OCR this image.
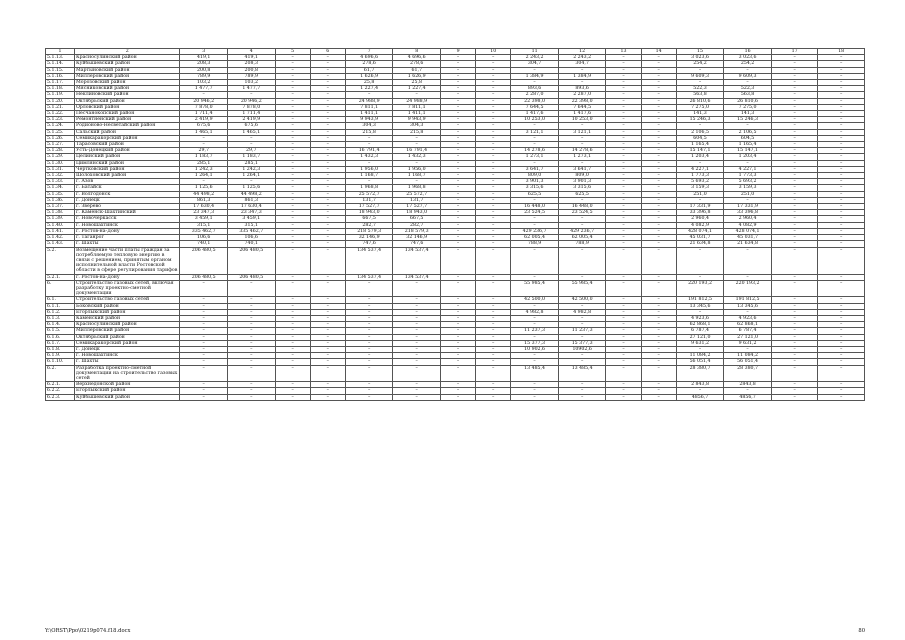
1	2	3	4	5	6	7	8	9	10	11	12	13	14	15	16	17	18
5.1.13.	Красносулинский район	419,1	419,1	–	–	4 696,6	4 696,6	–	–	2 243,2	2 243,2	–	–	3 023,6	3 023,6	–	–
5.1.14.	Куйбышевский район	208,3	208,3	–	–	278,6	278,6	–	–	304,7	304,7	–	–	254,2	254,2	–	–
5.1.15.	Мартыновский район	200,8	200,8	–	–	61,7	61,7	–	–	–	–	–	–	–	–	–	–
5.1.16.	Миллеровский район	789,9	789,9	–	–	1 626,9	1 626,9	–	–	1 384,9	1 384,9	–	–	9 609,3	9 609,3	–	–
5.1.17.	Морозовский район	103,2	103,2	–	–	25,8	25,8	–	–	–	–	–	–	–	–	–	–
5.1.18.	Мясниковский район	1 477,7	1 477,7	–	–	1 227,4	1 227,4	–	–	893,6	893,6	–	–	522,3	522,3	–	–
5.1.19.	Неклиновский район	–	–	–	–	–	–	–	–	2 287,0	2 287,0	–	–	563,8	563,8	–	–
5.1.20.	Октябрьский район	20 946,2	20 946,2	–	–	24 988,9	24 988,9	–	–	22 398,0	22 398,0	–	–	26 810,6	26 810,6	–	–
5.1.21.	Орловский район	7 878,0	7 878,0	–	–	7 811,1	7 811,1	–	–	7 644,5	7 644,5	–	–	7 275,0	7 275,0	–	–
5.1.22.	Песчанокопский район	1 711,4	1 711,4	–	–	1 411,1	1 411,1	–	–	1 417,6	1 417,6	–	–	141,3	141,3	–	–
5.1.23.	Ремонтненский район	2 419,9	2 419,9	–	–	9 943,9	9 943,9	–	–	10 253,0	10 253,0	–	–	15 246,3	15 246,3	–	–
5.1.24.	Родионово-Несветайский район	675,6	675,6	–	–	304,3	304,3	–	–	–	–	–	–	–	–	–	–
5.1.25.	Сальский район	1 465,1	1 465,1	–	–	215,8	215,8	–	–	3 121,1	3 121,1	–	–	2 106,5	2 106,5	–	–
5.1.26.	Семикаракорский район	–	–	–	–	–	–	–	–	–	–	–	–	604,5	604,5	–	–
5.1.27.	Тарасовский район	–	–	–	–	–	–	–	–	–	–	–	–	1 165,4	1 165,4	–	–
5.1.28.	Усть-Донецкий район	29,7	29,7	–	–	16 791,4	16 791,4	–	–	14 278,6	14 278,6	–	–	15 147,1	15 147,1	–	–
5.1.29.	Целинский район	1 183,7	1 183,7	–	–	1 432,3	1 432,3	–	–	1 273,1	1 273,1	–	–	1 203,4	1 203,4	–	–
5.1.30.	Цимлянский район	285,1	285,1	–	–	–	–	–	–	–	–	–	–	–	–	–	–
5.1.31.	Чертковский район	1 242,3	1 242,3	–	–	1 956,0	1 956,0	–	–	3 641,7	3 641,7	–	–	4 227,1	4 227,1	–	–
5.1.32.	Шолоховский район	1 264,1	1 264,1	–	–	1 168,7	1 168,7	–	–	809,0	809,0	–	–	1 773,3	1 773,3	–	–
5.1.33.	г. Азов	–	–	–	–	–	–	–	–	3 901,3	3 901,3	–	–	5 693,2	5 693,2	–	–
5.1.34.	г. Батайск	1 125,6	1 125,6	–	–	1 968,8	1 968,8	–	–	3 315,6	3 315,6	–	–	3 159,3	3 159,3	–	–
5.1.35.	г. Волгодонск	44 498,2	44 498,2	–	–	25 572,7	25 572,7	–	–	625,5	625,5	–	–	251,0	251,0	–	–
5.1.36.	г. Донецк	861,3	861,3	–	–	131,7	131,7	–	–	–	–	–	–	–	–	–	–
5.1.37.	г. Зверево	17 630,4	17 630,4	–	–	17 527,7	17 527,7	–	–	16 448,0	16 448,0	–	–	17 331,9	17 331,9	–	–
5.1.38.	г. Каменск-Шахтинский	23 347,3	23 347,3	–	–	18 943,0	18 943,0	–	–	23 524,5	23 524,5	–	–	33 396,8	33 396,8	–	–
5.1.39.	г. Новочеркасск	3 459,1	3 459,1	–	–	667,5	667,5	–	–	–	–	–	–	2 960,4	2 960,4	–	–
5.1.40.	г. Новошахтинск	315,1	315,1	–	–	282,7	282,7	–	–	–	–	–	–	4 082,9	4 082,9	–	–
5.1.41.	г. Ростов-на-Дону	335 462,7	335 462,7	–	–	218 579,3	218 579,3	–	–	429 236,7	429 236,7	–	–	428 074,1	428 074,1	–	–
5.1.42.	г. Таганрог	106,6	106,6	–	–	32 146,9	32 146,9	–	–	62 005,4	62 005,4	–	–	45 031,7	45 031,7	–	–
5.1.43.	г. Шахты	740,1	740,1	–	–	747,6	747,6	–	–	788,9	788,9	–	–	21 634,8	21 634,8	–	–
5.2.	Возмещение части платы граждан за потребляемую тепловую энергию в связи с решением, принятым органом исполнительной власти Ростовской области в сфере регулирования тарифов	206 480,5	206 480,5	–	–	134 537,4	134 537,4	–	–	–	–	–	–	–	–	–	–
5.2.1.	г. Ростов-на-Дону	206 480,5	206 480,5	–	–	134 537,4	134 537,4	–	–	–	–	–	–	–	–	–	–
6.	Строительство газовых сетей, включая разработку проектно-сметной документации	–	–	–	–	–	–	–	–	55 985,4	55 985,4	–	–	220 193,2	220 193,2	–	–
6.1.	Строительство газовых сетей	–	–	–	–	–	–	–	–	42 500,0	42 500,0	–	–	191 812,5	191 812,5	–	–
6.1.1.	Боковский район	–	–	–	–	–	–	–	–	–	–	–	–	13 345,6	13 345,6	–	–
6.1.2.	Егорлыкский район	–	–	–	–	–	–	–	–	4 982,8	4 982,8	–	–	–	–	–	–
6.1.3.	Каменский район	–	–	–	–	–	–	–	–	–	–	–	–	4 923,6	4 923,6	–	–
6.1.4.	Красносулинский район	–	–	–	–	–	–	–	–	–	–	–	–	62 868,1	62 868,1	–	–
6.1.5.	Миллеровский район	–	–	–	–	–	–	–	–	11 237,3	11 237,3	–	–	6 787,4	6 787,4	–	–
6.1.6.	Октябрьский район	–	–	–	–	–	–	–	–	–	–	–	–	27 121,0	27 121,0	–	–
6.1.7.	Семикаракорский район	–	–	–	–	–	–	–	–	15 377,3	15 377,3	–	–	9 631,2	9 631,2	–	–
6.1.8.	г. Донецк	–	–	–	–	–	–	–	–	10 902,6	10902,6	–	–	–	–	–	–
6.1.9.	г. Новошахтинск	–	–	–	–	–	–	–	–	–	–	–	–	11 084,2	11 084,2	–	–
6.1.10.	г. Шахты	–	–	–	–	–	–	–	–	–	–	–	–	56 051,4	56 051,4	–	–
6.2.	Разработка проектно-сметной документации на строительство газовых сетей	–	–	–	–	–	–	–	–	13 485,4	13 485,4	–	–	28 380,7	28 380,7	–	–
6.2.1.	Верхнедонской район	–	–	–	–	–	–	–	–	–	–	–	–	2 843,8	2843,8	–	–
6.2.2.	Егорлыкский район	–	–	–	–	–	–	–	–	–	–	–	–	–	–	–	–
6.2.3.	Куйбышевский район	–	–	–	–	–	–	–	–	–	–	–	–	4856,7	4856,7	–	–
Y:\ORST\Ppo\0219p074.f18.docx	80
